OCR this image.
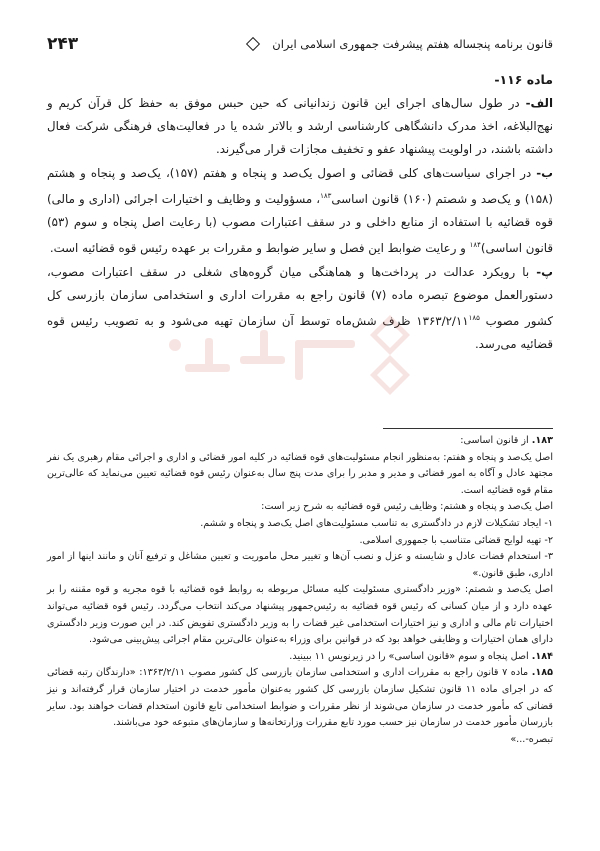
قانون برنامه پنجساله هفتم پیشرفت جمهوری اسلامی ایران
۲۴۳

ماده ۱۱۶-

الف- در طول سال‌های اجرای این قانون زندانیانی که حین حبس موفق به حفظ کل قرآن کریم و نهج‌البلاغه، اخذ مدرک دانشگاهی کارشناسی ارشد و بالاتر شده یا در فعالیت‌های فرهنگی شرکت فعال داشته باشند، در اولویت پیشنهاد عفو و تخفیف مجازات قرار می‌گیرند.

ب- در اجرای سیاست‌های کلی قضائی و اصول یک‌صد و پنجاه و هفتم (۱۵۷)، یک‌صد و پنجاه و هشتم (۱۵۸) و یک‌صد و شصتم (۱۶۰) قانون اساسی$^{۱۸۳}$، مسؤولیت و وظایف و اختیارات اجرائی (اداری و مالی) قوه قضائیه با استفاده از منابع داخلی و در سقف اعتبارات مصوب (با رعایت اصل پنجاه و سوم (۵۳) قانون اساسی)$^{۱۸۴}$ و رعایت ضوابط این فصل و سایر ضوابط و مقررات بر عهده رئیس قوه قضائیه است.

پ- با رویکرد عدالت در پرداخت‌ها و هماهنگی میان گروه‌های شغلی در سقف اعتبارات مصوب، دستورالعمل موضوع تبصره ماده (۷) قانون راجع به مقررات اداری و استخدامی سازمان بازرسی کل کشور مصوب $۱۳۶۳/۲/۱۱^{۱۸۵}$ ظرف شش‌ماه توسط آن سازمان تهیه می‌شود و به تصویب رئیس قوه قضائیه می‌رسد.

۱۸۳. از قانون اساسی:

اصل یک‌صد و پنجاه و هفتم: به‌منظور انجام مسئولیت‌های قوه قضائیه در کلیه امور قضائی و اداری و اجرائی مقام رهبری یک نفر مجتهد عادل و آگاه به امور قضائی و مدیر و مدبر را برای مدت پنج سال به‌عنوان رئیس قوه قضائیه تعیین می‌نماید که عالی‌ترین مقام قوه قضائیه است.

اصل یک‌صد و پنجاه و هشتم: وظایف رئیس قوه قضائیه به شرح زیر است:

۱- ایجاد تشکیلات لازم در دادگستری به تناسب مسئولیت‌های اصل یک‌صد و پنجاه و ششم.

۲- تهیه لوایح قضائی متناسب با جمهوری اسلامی.

۳- استخدام قضات عادل و شایسته و عزل و نصب آن‌ها و تغییر محل ماموریت و تعیین مشاغل و ترفیع آنان و مانند اینها از امور اداری، طبق قانون.»

اصل یک‌صد و شصتم: «وزیر دادگستری مسئولیت کلیه مسائل مربوطه به روابط قوه قضائیه با قوه مجریه و قوه مقننه را بر عهده دارد و از میان کسانی که رئیس قوه قضائیه به رئیس‌جمهور پیشنهاد می‌کند انتخاب می‌گردد. رئیس قوه قضائیه می‌تواند اختیارات تام مالی و اداری و نیز اختیارات استخدامی غیر قضات را به وزیر دادگستری تفویض کند. در این صورت وزیر دادگستری دارای همان اختیارات و وظایفی خواهد بود که در قوانین برای وزراء به‌عنوان عالی‌ترین مقام اجرائی پیش‌بینی می‌شود.

۱۸۴. اصل پنجاه و سوم «قانون اساسی» را در زیرنویس ۱۱ ببینید.

۱۸۵. ماده ۷ قانون راجع به مقررات اداری و استخدامی سازمان بازرسی کل کشور مصوب ۱۳۶۳/۲/۱۱: «دارندگان رتبه قضائی که در اجرای ماده ۱۱ قانون تشکیل سازمان بازرسی کل کشور به‌عنوان مأمور خدمت در اختیار سازمان قرار گرفته‌اند و نیز قضاتی که مأمور خدمت در سازمان می‌شوند از نظر مقررات و ضوابط استخدامی تابع قانون استخدام قضات خواهند بود. سایر بازرسان مأمور خدمت در سازمان نیز حسب مورد تابع مقررات وزارتخانه‌ها و سازمان‌های متبوعه خود می‌باشند.

تبصره-...»
